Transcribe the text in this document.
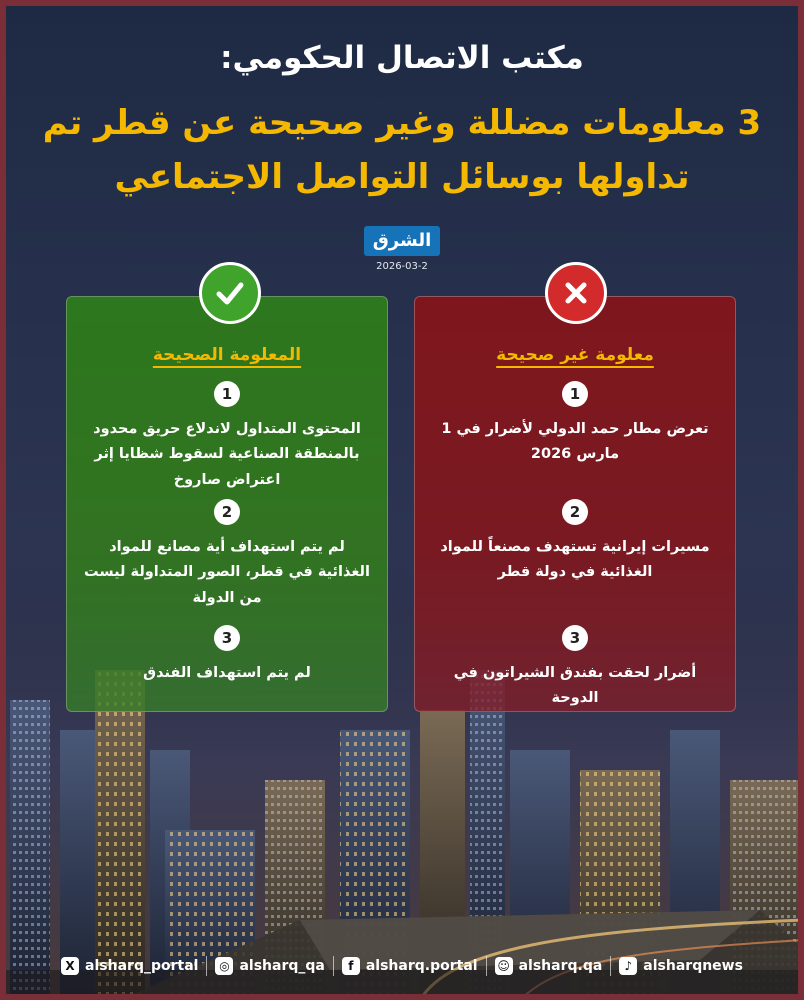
مكتب الاتصال الحكومي:
3 معلومات مضللة وغير صحيحة عن قطر تم
تداولها بوسائل التواصل الاجتماعي
الشرق
2026-03-2
المعلومة الصحيحة
1
المحتوى المتداول لاندلاع حريق محدود بالمنطقة الصناعية لسقوط شظايا إثر اعتراض صاروخ
2
لم يتم استهداف أية مصانع للمواد الغذائية في قطر، الصور المتداولة ليست من الدولة
3
لم يتم استهداف الفندق
معلومة غير صحيحة
1
تعرض مطار حمد الدولي لأضرار في 1 مارس 2026
2
مسيرات إيرانية تستهدف مصنعاً للمواد الغذائية في دولة قطر
3
أضرار لحقت بفندق الشيراتون في الدوحة
X alsharq_portal	◎ alsharq_qa	f alsharq.portal ☺ alsharq.qa	♪ alsharqnews
